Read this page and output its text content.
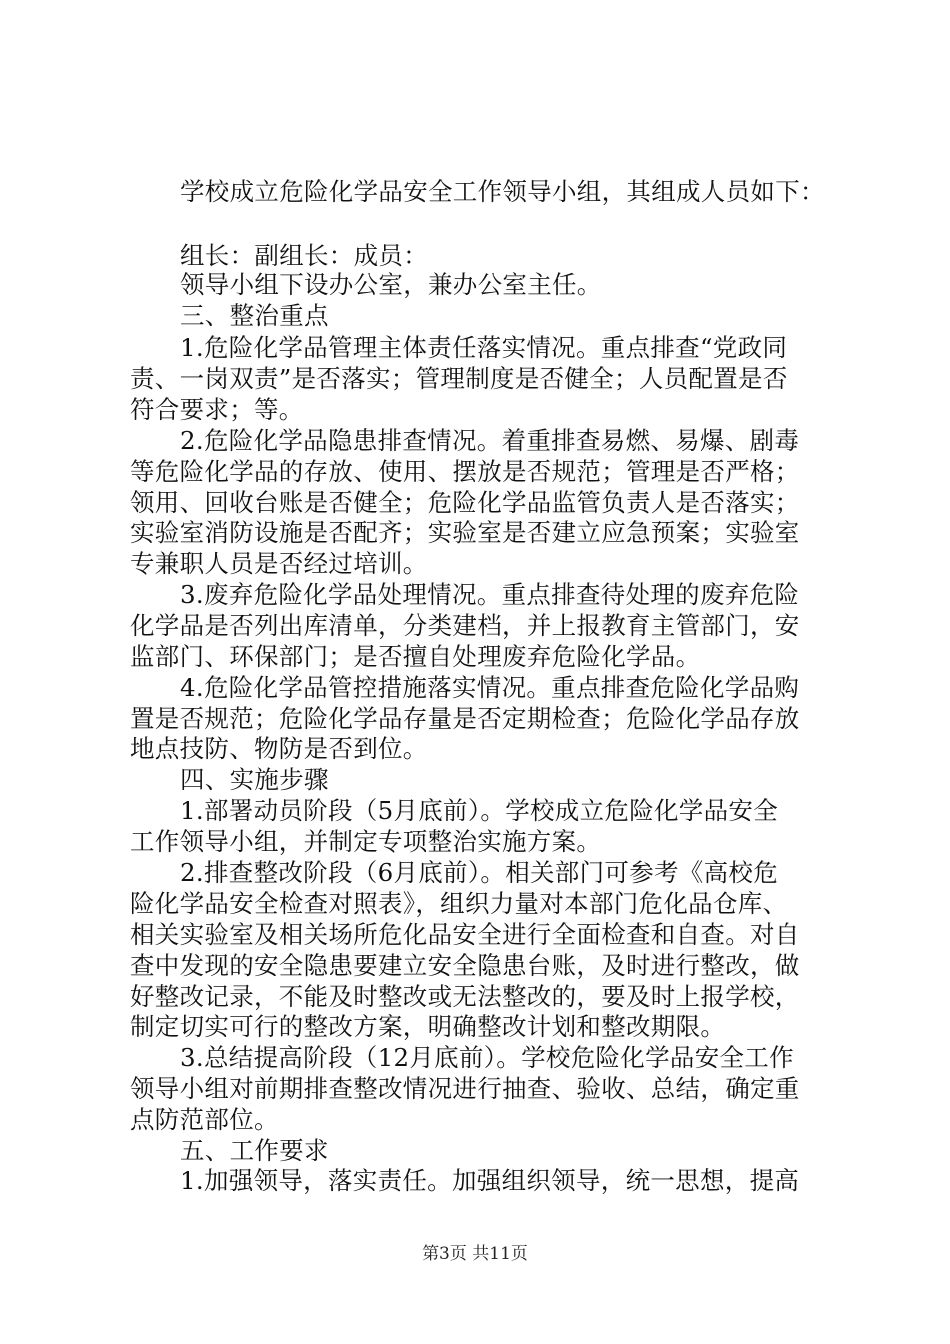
学校成立危险化学品安全工作领导小组，其组成人员如下：
组长：副组长：成员：
领导小组下设办公室，兼办公室主任。
三、整治重点
1.危险化学品管理主体责任落实情况。重点排查“党政同
责、一岗双责”是否落实；管理制度是否健全；人员配置是否
符合要求；等。
2.危险化学品隐患排查情况。着重排查易燃、易爆、剧毒
等危险化学品的存放、使用、摆放是否规范；管理是否严格；
领用、回收台账是否健全；危险化学品监管负责人是否落实；
实验室消防设施是否配齐；实验室是否建立应急预案；实验室
专兼职人员是否经过培训。
3.废弃危险化学品处理情况。重点排查待处理的废弃危险
化学品是否列出库清单，分类建档，并上报教育主管部门，安
监部门、环保部门；是否擅自处理废弃危险化学品。
4.危险化学品管控措施落实情况。重点排查危险化学品购
置是否规范；危险化学品存量是否定期检查；危险化学品存放
地点技防、物防是否到位。
四、实施步骤
1.部署动员阶段（5月底前）。学校成立危险化学品安全
工作领导小组，并制定专项整治实施方案。
2.排查整改阶段（6月底前）。相关部门可参考《高校危
险化学品安全检查对照表》，组织力量对本部门危化品仓库、
相关实验室及相关场所危化品安全进行全面检查和自查。对自
查中发现的安全隐患要建立安全隐患台账，及时进行整改，做
好整改记录，不能及时整改或无法整改的，要及时上报学校，
制定切实可行的整改方案，明确整改计划和整改期限。
3.总结提高阶段（12月底前）。学校危险化学品安全工作
领导小组对前期排查整改情况进行抽查、验收、总结，确定重
点防范部位。
五、工作要求
1.加强领导，落实责任。加强组织领导，统一思想，提高
第3页 共11页
